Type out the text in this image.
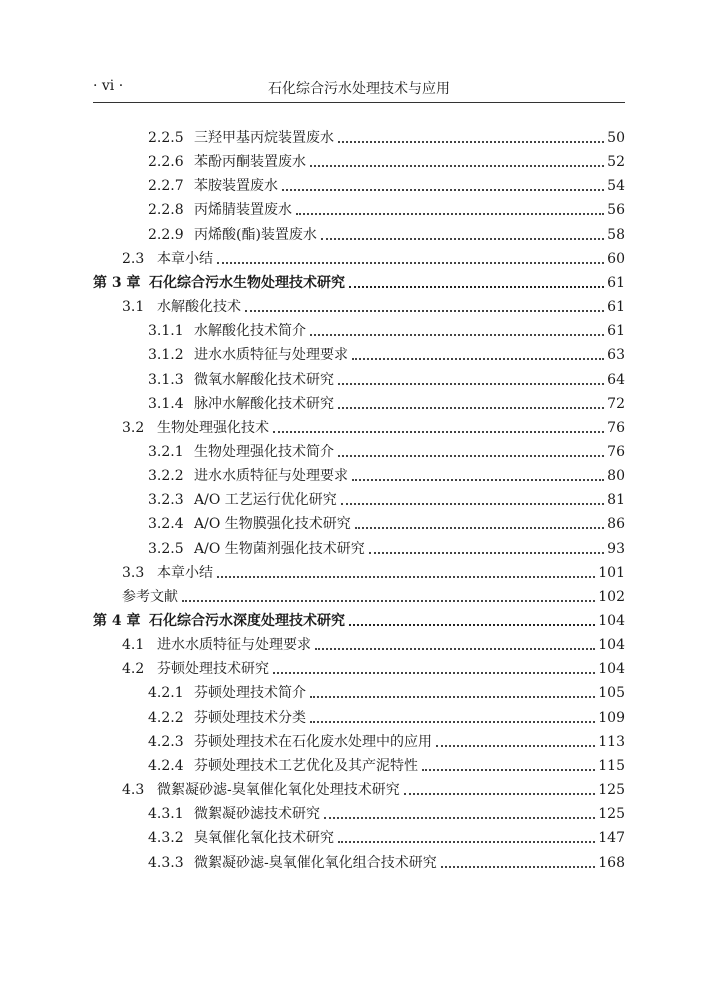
· vi ·	石化综合污水处理技术与应用
2.2.5 三羟甲基丙烷装置废水	50
2.2.6 苯酚丙酮装置废水	52
2.2.7 苯胺装置废水	54
2.2.8 丙烯腈装置废水	56
2.2.9 丙烯酸(酯)装置废水	58
2.3 本章小结	60
第 3 章 石化综合污水生物处理技术研究	61
3.1 水解酸化技术	61
3.1.1 水解酸化技术简介	61
3.1.2 进水水质特征与处理要求	63
3.1.3 微氧水解酸化技术研究	64
3.1.4 脉冲水解酸化技术研究	72
3.2 生物处理强化技术	76
3.2.1 生物处理强化技术简介	76
3.2.2 进水水质特征与处理要求	80
3.2.3 A/O 工艺运行优化研究	81
3.2.4 A/O 生物膜强化技术研究	86
3.2.5 A/O 生物菌剂强化技术研究	93
3.3 本章小结	101
参考文献	102
第 4 章 石化综合污水深度处理技术研究	104
4.1 进水水质特征与处理要求	104
4.2 芬顿处理技术研究	104
4.2.1 芬顿处理技术简介	105
4.2.2 芬顿处理技术分类	109
4.2.3 芬顿处理技术在石化废水处理中的应用	113
4.2.4 芬顿处理技术工艺优化及其产泥特性	115
4.3 微絮凝砂滤-臭氧催化氧化处理技术研究	125
4.3.1 微絮凝砂滤技术研究	125
4.3.2 臭氧催化氧化技术研究	147
4.3.3 微絮凝砂滤-臭氧催化氧化组合技术研究	168
